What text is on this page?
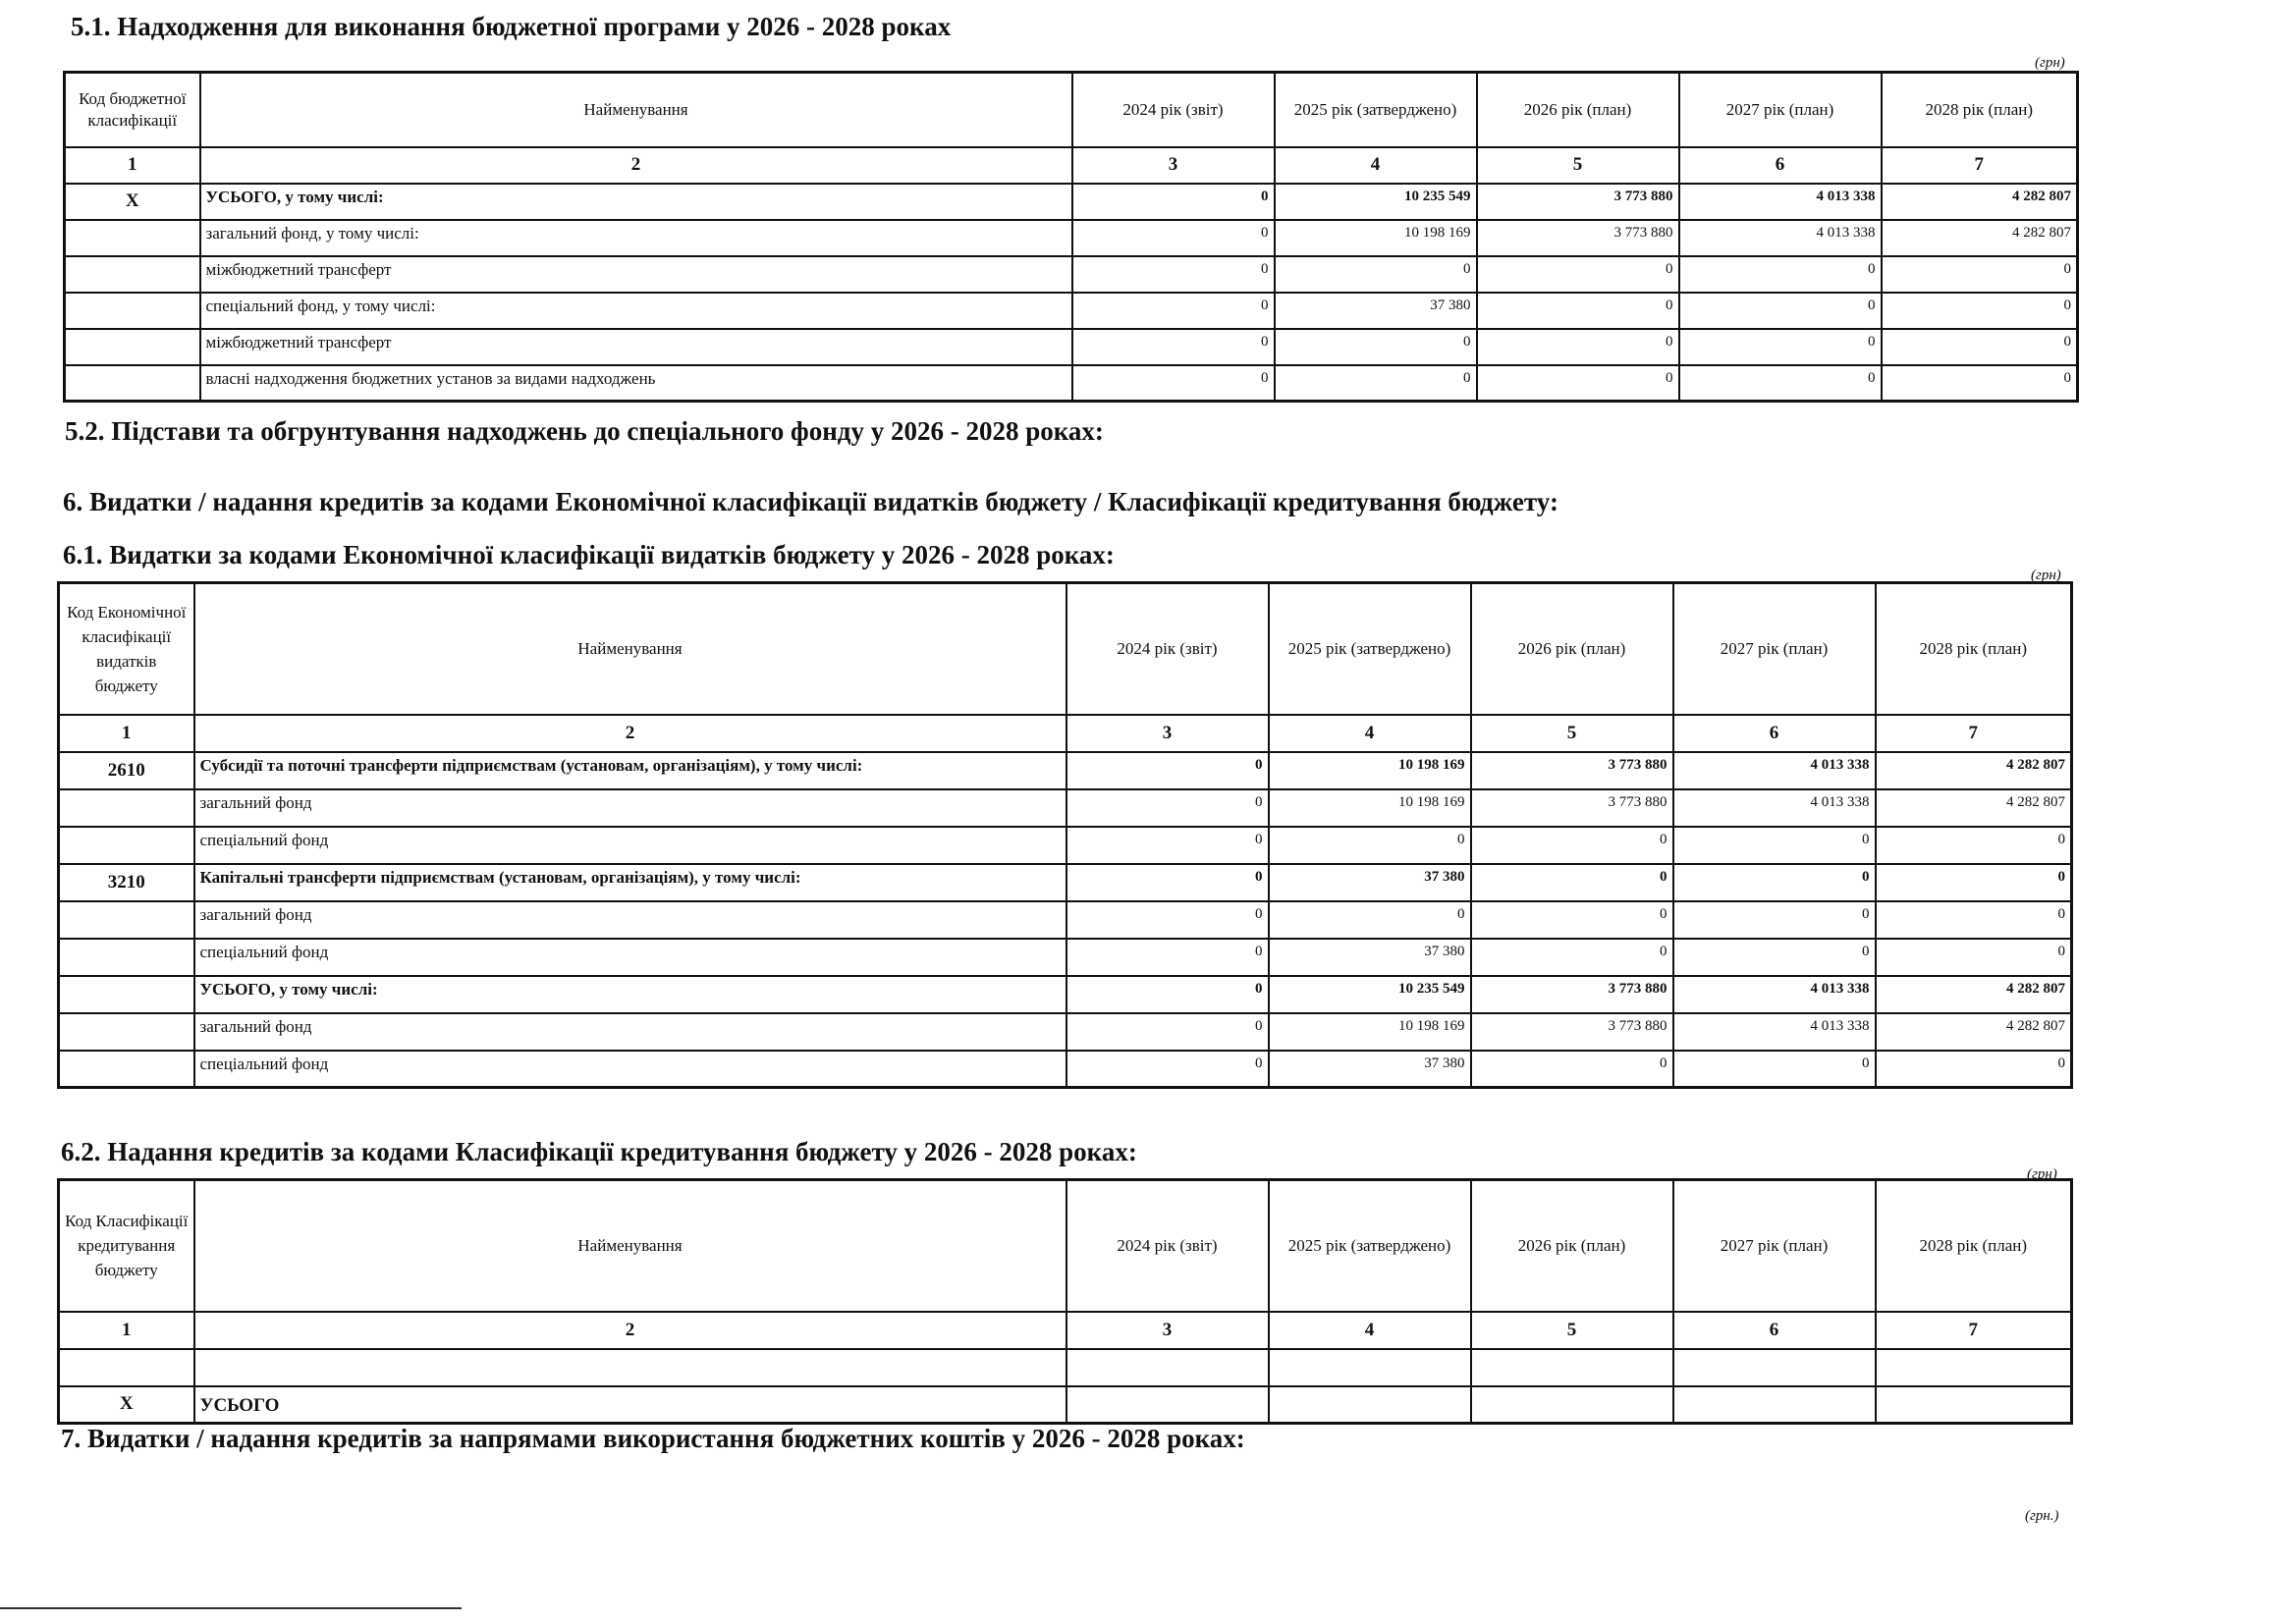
5.1. Надходження для виконання бюджетної програми у 2026 - 2028 роках
(грн)
Код бюджетної класифікації	Найменування	2024 рік (звіт)	2025 рік (затверджено)	2026 рік (план)	2027 рік (план)	2028 рік (план)
1	2	3	4	5	6	7
Х	УСЬОГО, у тому числі:	0	10 235 549	3 773 880	4 013 338	4 282 807
	загальний фонд, у тому числі:	0	10 198 169	3 773 880	4 013 338	4 282 807
	міжбюджетний трансферт	0	0	0	0	0
	спеціальний фонд, у тому числі:	0	37 380	0	0	0
	міжбюджетний трансферт	0	0	0	0	0
	власні надходження бюджетних установ за видами надходжень	0	0	0	0	0
5.2. Підстави та обгрунтування надходжень до спеціального фонду у 2026 - 2028 роках:
6. Видатки / надання кредитів за кодами Економічної класифікації видатків бюджету / Класифікації кредитування бюджету:
6.1. Видатки за кодами Економічної класифікації видатків бюджету у 2026 - 2028 роках:
(грн)
Код Економічної класифікації видатків бюджету	Найменування	2024 рік (звіт)	2025 рік (затверджено)	2026 рік (план)	2027 рік (план)	2028 рік (план)
1	2	3	4	5	6	7
2610	Субсидії та поточні трансферти підприємствам (установам, організаціям), у тому числі:	0	10 198 169	3 773 880	4 013 338	4 282 807
	загальний фонд	0	10 198 169	3 773 880	4 013 338	4 282 807
	спеціальний фонд	0	0	0	0	0
3210	Капітальні трансферти підприємствам (установам, організаціям), у тому числі:	0	37 380	0	0	0
	загальний фонд	0	0	0	0	0
	спеціальний фонд	0	37 380	0	0	0
	УСЬОГО, у тому числі:	0	10 235 549	3 773 880	4 013 338	4 282 807
	загальний фонд	0	10 198 169	3 773 880	4 013 338	4 282 807
	спеціальний фонд	0	37 380	0	0	0
6.2. Надання кредитів за кодами Класифікації кредитування бюджету у 2026 - 2028 роках:
(грн)
Код Класифікації кредитування бюджету	Найменування	2024 рік (звіт)	2025 рік (затверджено)	2026 рік (план)	2027 рік (план)	2028 рік (план)
1	2	3	4	5	6	7

Х	УСЬОГО					
7. Видатки / надання кредитів за напрямами використання бюджетних коштів у 2026 - 2028 роках:
(грн.)
